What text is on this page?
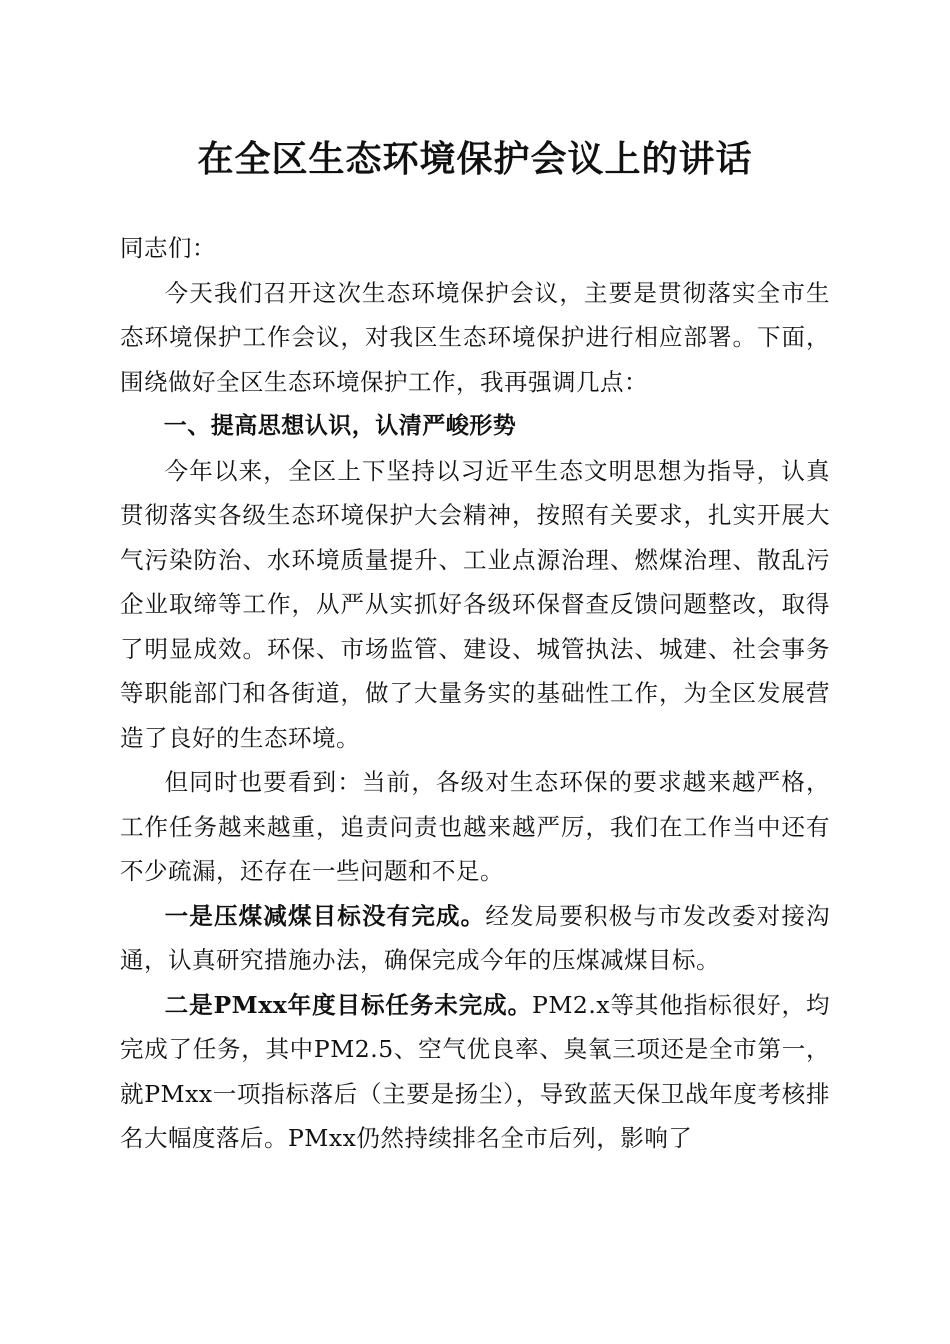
在全区生态环境保护会议上的讲话

同志们：

今天我们召开这次生态环境保护会议，主要是贯彻落实全市生态环境保护工作会议，对我区生态环境保护进行相应部署。下面，围绕做好全区生态环境保护工作，我再强调几点：

一、提高思想认识，认清严峻形势

今年以来，全区上下坚持以习近平生态文明思想为指导，认真贯彻落实各级生态环境保护大会精神，按照有关要求，扎实开展大气污染防治、水环境质量提升、工业点源治理、燃煤治理、散乱污企业取缔等工作，从严从实抓好各级环保督查反馈问题整改，取得了明显成效。环保、市场监管、建设、城管执法、城建、社会事务等职能部门和各街道，做了大量务实的基础性工作，为全区发展营造了良好的生态环境。

但同时也要看到：当前，各级对生态环保的要求越来越严格，工作任务越来越重，追责问责也越来越严厉，我们在工作当中还有不少疏漏，还存在一些问题和不足。

一是压煤减煤目标没有完成。经发局要积极与市发改委对接沟通，认真研究措施办法，确保完成今年的压煤减煤目标。

二是PMxx年度目标任务未完成。PM2.x等其他指标很好，均完成了任务，其中PM2.5、空气优良率、臭氧三项还是全市第一，就PMxx一项指标落后（主要是扬尘），导致蓝天保卫战年度考核排名大幅度落后。PMxx仍然持续排名全市后列，影响了
